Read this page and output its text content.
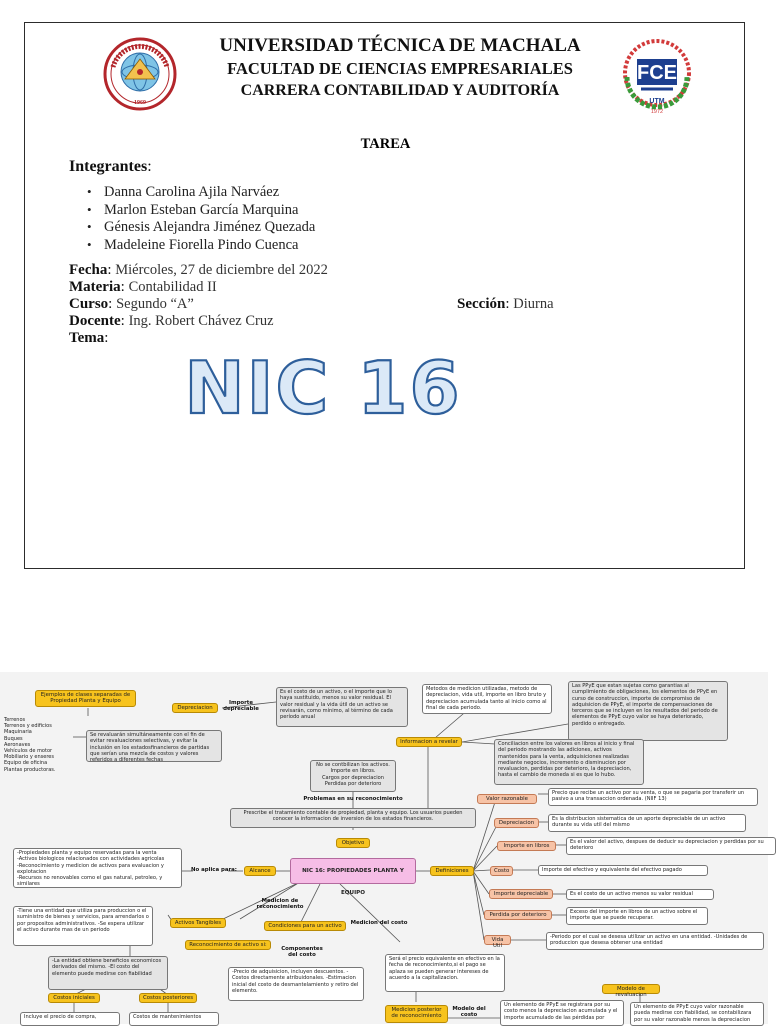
1969
UNIVERSIDAD TÉCNICA DE MACHALA
FACULTAD DE CIENCIAS EMPRESARIALES
CARRERA CONTABILIDAD Y AUDITORÍA
FCE
UTM
1972
TAREA
Integrantes:
• Danna Carolina Ajila Narváez
• Marlon Esteban García Marquina
• Génesis Alejandra Jiménez Quezada
• Madeleine Fiorella Pindo Cuenca
Fecha: Miércoles, 27 de diciembre del 2022
Materia: Contabilidad II
Curso: Segundo “A”	Sección: Diurna
Docente: Ing. Robert Chávez Cruz
Tema:
NIC 16
Ejemplos de clases separadas de Propiedad Planta y Equipo
Terrenos
Terrenos y edificios
Maquinaria
Buques
Aeronaves
Vehículos de motor
Mobiliario y enseres
Equipo de oficina
Plantas productoras.
Se revaluarán simultáneamente con el fin de evitar revaluaciones selectivas, y evitar la inclusión en los estadosfinancieros de partidas que serían una mezcla de costos y valores referidos a diferentes fechas
Depreciacion
Importe depreciable
Es el costo de un activo, o el importe que lo haya sustituido, menos su valor residual. El valor residual y la vida útil de un activo se revisarán, como mínimo, al término de cada período anual
Metodos de medicion utilizadas, metodo de depreciacion, vida util, importe en libro bruto y depreciacion acumulada tanto al inicio como al final de cada periodo.
Las PPyE que estan sujetas como garantias al cumplimiento de obligaciones, los elementos de PPyE en curso de construccion, importe de compromiso de adquisicion de PPyE, el importe de compensaciones de terceros que se incluyen en los resultados del periodo de elementos de PPyE cuyo valor se haya deteriorado, perdido o entregado.
Informacion a revelar	Conciliacion entre los valores en libros al inicio y final del periodo mostrando las adiciones, activos mantenidos para la venta, adquisiciones realizadas mediante negocios, incremento o disminucion por revaluacion, perdidas por deterioro, la depreciacion, hasta el cambio de moneda si es que lo hubo.
No se contbilizan los activos.
Importe en libros.
Cargos por depreciacion
Perdidas por deterioro
Problemas en su reconocimiento
Prescribe el tratamiento contable de propiedad, planta y equipo. Los usuarios pueden conocer la informacion de inversion de los estados financieros.
Objetivo
-Propiedades planta y equipo reservadas para la venta
-Activos biologicos relacionados con actividades agricolas
-Reconocimiento y medicion de activos para evaluacion y explotacion
-Recursos no renovables como el gas natural, petroleo, y similares
No aplica para:	Alcance	NIC 16: PROPIEDADES PLANTA Y EQUIPO
Definiciones
-Tiene una entidad que utiliza para produccion o el suministro de bienes y servicios, para arrendarlos o por propositos administrativos. -Se espera utilizar el activo durante mas de un periodo
Activos Tangibles
Medicion de reconocimiento
Reconocimiento de activo si:
Condiciones para un activo	Medicion del costo
Componentes del costo
-La entidad obtiene beneficios economicos derivados del mismo. -El costo del elemento puede medirse con fiabilidad
Costos iniciales	Costos posteriores
Incluye el precio de compra,	Costos de mantenimientos
-Precio de adquisicion, incluyen descuentos. -Costos directamente atribuidonales. -Estimacion inicial del costo de desmantelamiento y retiro del elemento.
Será el precio equivalente en efectivo en la fecha de reconocimiento,si el pago se aplaza se pueden generar intereses de acuerdo a la capitalizacion.
Medicion posterior de reconocimiento
Modelo del costo
Un elemento de PPyE se registrara por su costo menos la depreciacion acumulada y el importe acumulado de las pérdidas por
Modelo de revaluacion
Un elemento de PPyE cuyo valor razonable pueda medirse con fiabilidad, se contabilizara por su valor razonable menos la depreciacion
Valor razonable
Precio que recibe un activo por su venta, o que se pagaria por transferir un pasivo a una transaccion ordenada. (NIIF 13)
Depreciacion
Es la distribucion sistematica de un aporte depreciable de un activo durante su vida util del mismo
Importe en libros
Es el valor del activo, despues de deducir su depreciacion y perdidas por su deterioro
Costo	Importe del efectivo y equivalente del efectivo pagado
Importe depreciable	Es el costo de un activo menos su valor residual
Perdida por deterioro	Exceso del importe en libros de un activo sobre el importe que se puede recuperar.
Vida Util
-Periodo por el cual se desesa utilizar un activo en una entidad. -Unidades de produccion que desesa obtener una entidad
